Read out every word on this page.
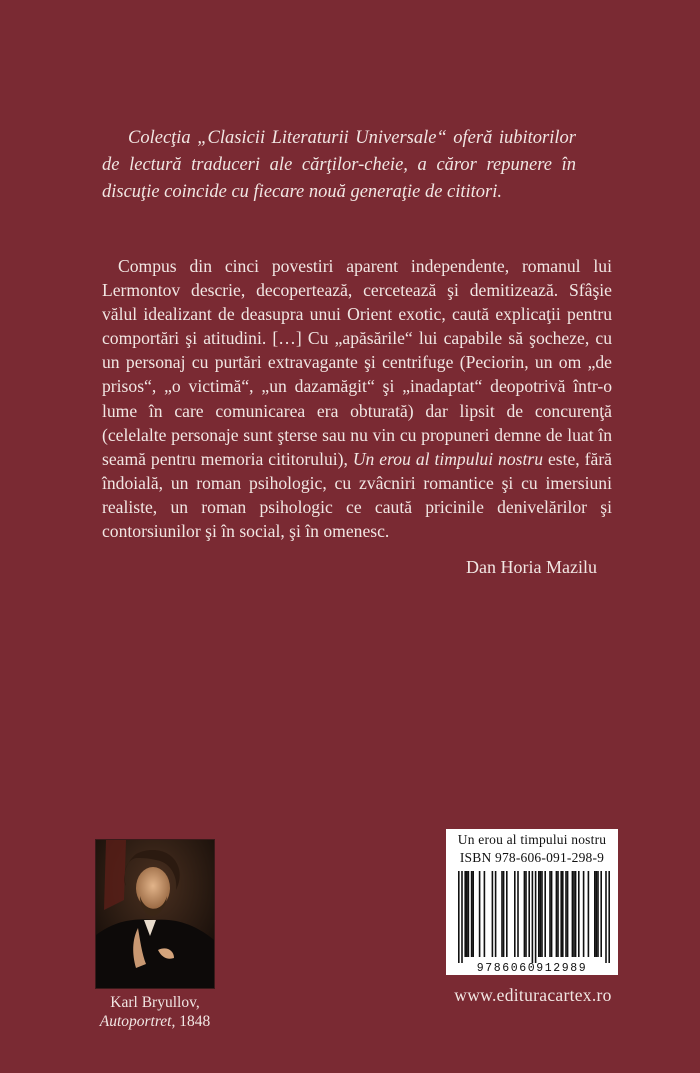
Colecţia „Clasicii Literaturii Universale“ oferă iubitorilor de lectură traduceri ale cărţilor-cheie, a căror repunere în discuţie coincide cu fiecare nouă generaţie de cititori.

Compus din cinci povestiri aparent independente, romanul lui Lermontov descrie, decopertează, cercetează şi demitizează. Sfâşie vălul idealizant de deasupra unui Orient exotic, caută explicaţii pentru comportări şi atitudini. […] Cu „apăsările“ lui capabile să şocheze, cu un personaj cu purtări extravagante şi centrifuge (Peciorin, un om „de prisos“, „o victimă“, „un dazamăgit“ şi „inadaptat“ deopotrivă într-o lume în care comunicarea era obturată) dar lipsit de concurenţă (celelalte personaje sunt şterse sau nu vin cu propuneri demne de luat în seamă pentru memoria cititorului), Un erou al timpului nostru este, fără îndoială, un roman psihologic, cu zvâcniri romantice şi cu imersiuni realiste, un roman psihologic ce caută pricinile denivelărilor şi contorsiunilor şi în social, şi în omenesc.

Dan Horia Mazilu

Karl Bryullov,
Autoportret, 1848

Un erou al timpului nostru

ISBN 978-606-091-298-9

9786060912989

www.edituracartex.ro
